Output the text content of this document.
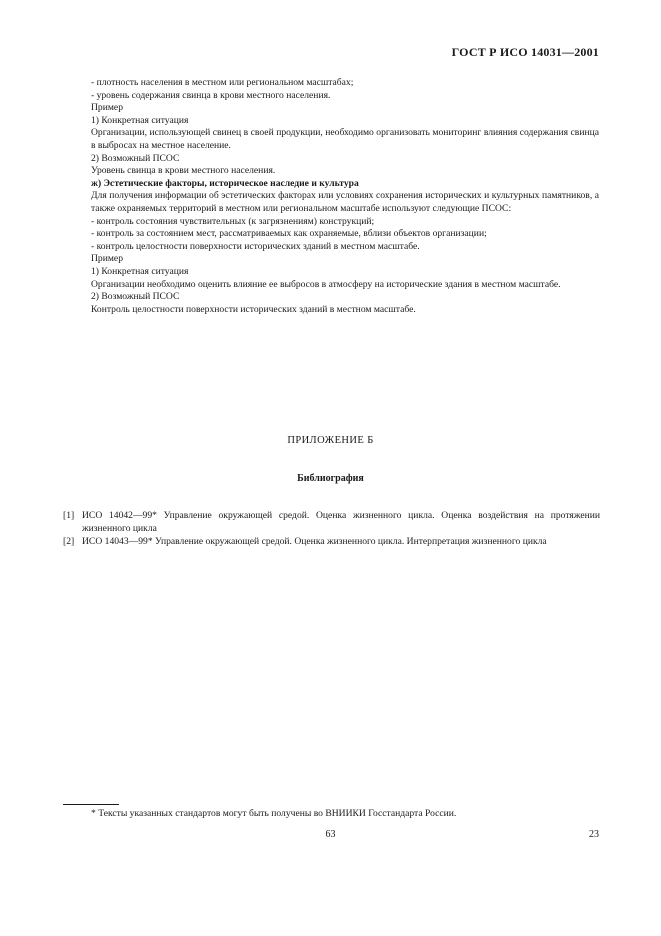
ГОСТ Р ИСО 14031—2001
- плотность населения в местном или региональном масштабах;
- уровень содержания свинца в крови местного населения.
Пример
1) Конкретная ситуация
Организации, использующей свинец в своей продукции, необходимо организовать мониторинг влияния содержания свинца в выбросах на местное население.
2) Возможный ПСОС
Уровень свинца в крови местного населения.
ж) Эстетические факторы, историческое наследие и культура
Для получения информации об эстетических факторах или условиях сохранения исторических и культурных памятников, а также охраняемых территорий в местном или региональном масштабе используют следующие ПСОС:
- контроль состояния чувствительных (к загрязнениям) конструкций;
- контроль за состоянием мест, рассматриваемых как охраняемые, вблизи объектов организации;
- контроль целостности поверхности исторических зданий в местном масштабе.
Пример
1) Конкретная ситуация
Организации необходимо оценить влияние ее выбросов в атмосферу на исторические здания в местном масштабе.
2) Возможный ПСОС
Контроль целостности поверхности исторических зданий в местном масштабе.
ПРИЛОЖЕНИЕ Б
Библиография
[1] ИСО 14042—99* Управление окружающей средой. Оценка жизненного цикла. Оценка воздействия на протяжении жизненного цикла
[2] ИСО 14043—99* Управление окружающей средой. Оценка жизненного цикла. Интерпретация жизненного цикла
* Тексты указанных стандартов могут быть получены во ВНИИКИ Госстандарта России.
63	23
